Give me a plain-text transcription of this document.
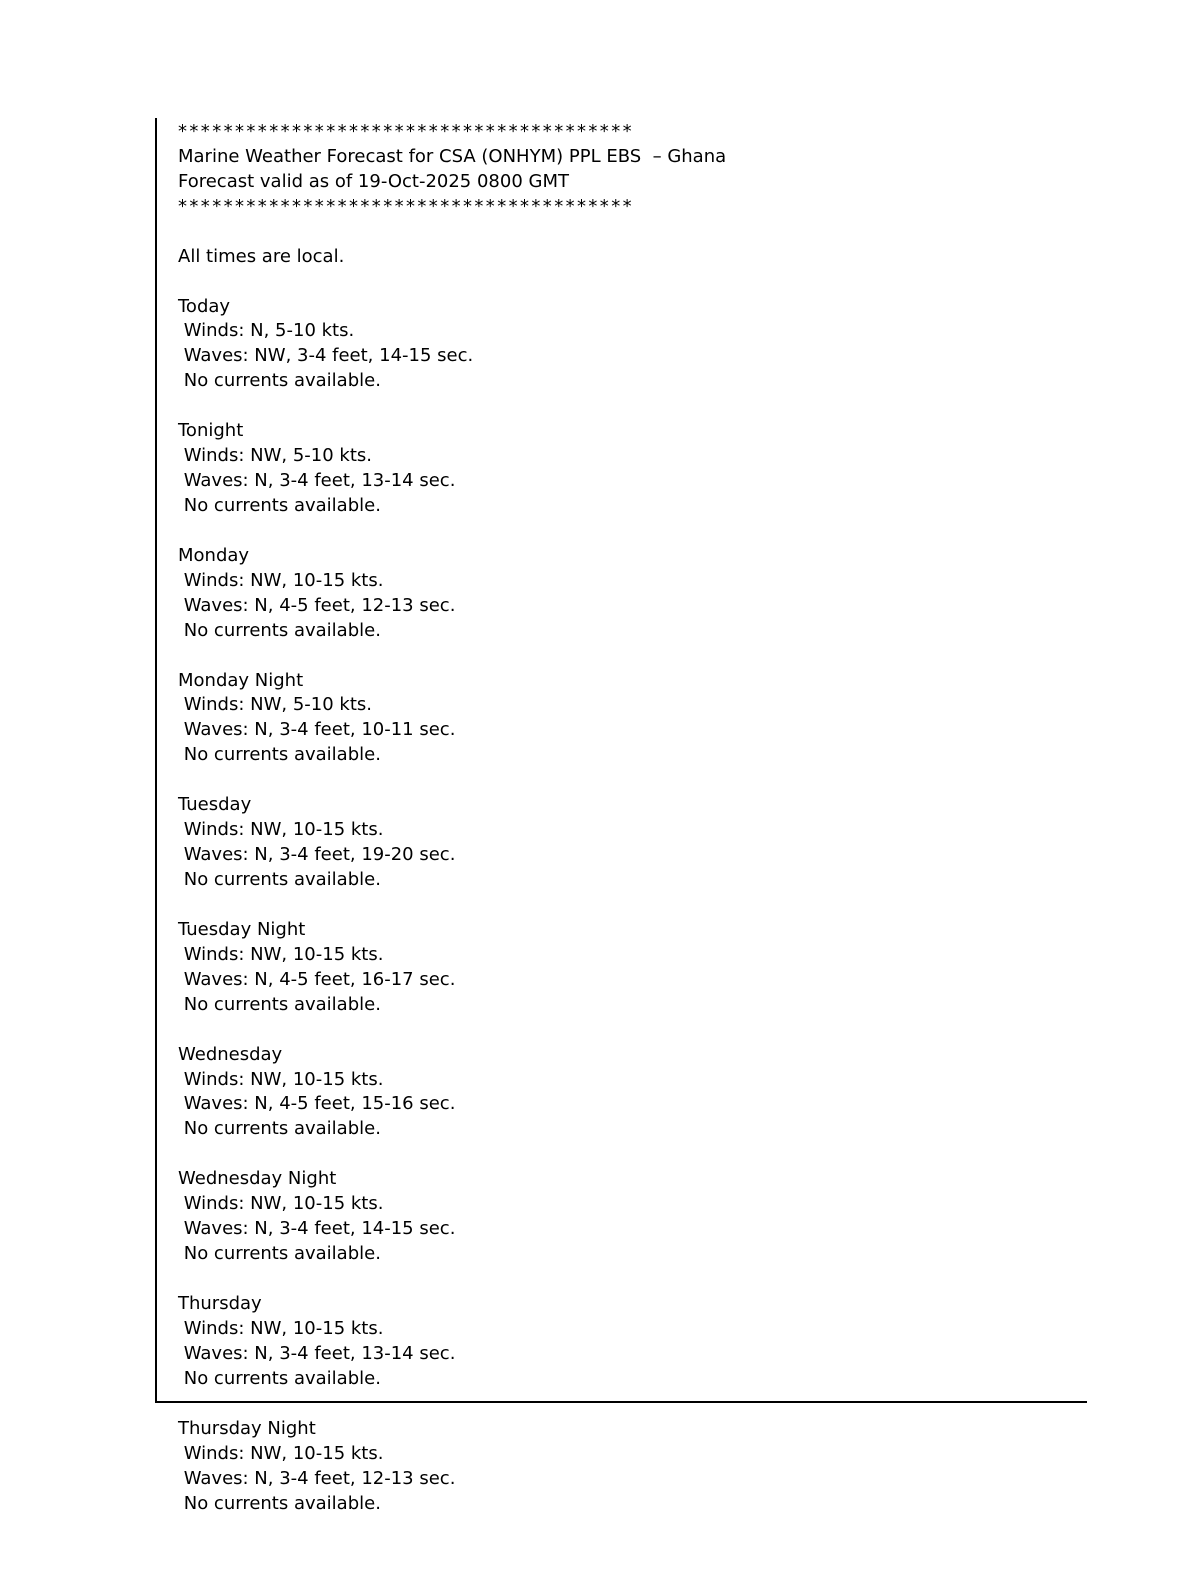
****************************************
Marine Weather Forecast for CSA (ONHYM) PPL EBS  – Ghana
Forecast valid as of 19-Oct-2025 0800 GMT
****************************************
All times are local.
Today
Winds: N, 5-10 kts.
Waves: NW, 3-4 feet, 14-15 sec.
No currents available.
Tonight
Winds: NW, 5-10 kts.
Waves: N, 3-4 feet, 13-14 sec.
No currents available.
Monday
Winds: NW, 10-15 kts.
Waves: N, 4-5 feet, 12-13 sec.
No currents available.
Monday Night
Winds: NW, 5-10 kts.
Waves: N, 3-4 feet, 10-11 sec.
No currents available.
Tuesday
Winds: NW, 10-15 kts.
Waves: N, 3-4 feet, 19-20 sec.
No currents available.
Tuesday Night
Winds: NW, 10-15 kts.
Waves: N, 4-5 feet, 16-17 sec.
No currents available.
Wednesday
Winds: NW, 10-15 kts.
Waves: N, 4-5 feet, 15-16 sec.
No currents available.
Wednesday Night
Winds: NW, 10-15 kts.
Waves: N, 3-4 feet, 14-15 sec.
No currents available.
Thursday
Winds: NW, 10-15 kts.
Waves: N, 3-4 feet, 13-14 sec.
No currents available.
Thursday Night
Winds: NW, 10-15 kts.
Waves: N, 3-4 feet, 12-13 sec.
No currents available.
